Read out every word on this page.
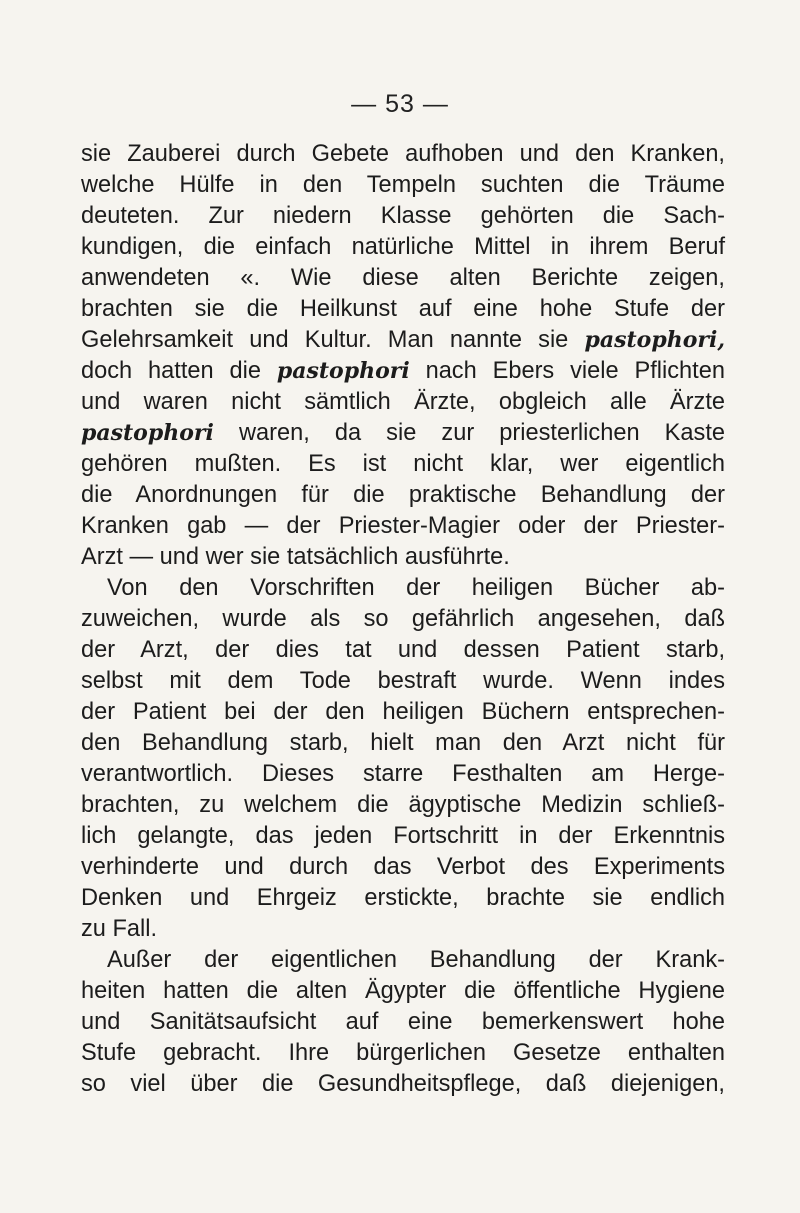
— 53 —
sie Zauberei durch Gebete aufhoben und den Kranken,
welche Hülfe in den Tempeln suchten die Träume
deuteten. Zur niedern Klasse gehörten die Sach-
kundigen, die einfach natürliche Mittel in ihrem Beruf
anwendeten «. Wie diese alten Berichte zeigen,
brachten sie die Heilkunst auf eine hohe Stufe der
Gelehrsamkeit und Kultur. Man nannte sie pastophori,
doch hatten die pastophori nach Ebers viele Pflichten
und waren nicht sämtlich Ärzte, obgleich alle Ärzte
pastophori waren, da sie zur priesterlichen Kaste
gehören mußten. Es ist nicht klar, wer eigentlich
die Anordnungen für die praktische Behandlung der
Kranken gab — der Priester-Magier oder der Priester-
Arzt — und wer sie tatsächlich ausführte.
Von den Vorschriften der heiligen Bücher ab-
zuweichen, wurde als so gefährlich angesehen, daß
der Arzt, der dies tat und dessen Patient starb,
selbst mit dem Tode bestraft wurde. Wenn indes
der Patient bei der den heiligen Büchern entsprechen-
den Behandlung starb, hielt man den Arzt nicht für
verantwortlich. Dieses starre Festhalten am Herge-
brachten, zu welchem die ägyptische Medizin schließ-
lich gelangte, das jeden Fortschritt in der Erkenntnis
verhinderte und durch das Verbot des Experiments
Denken und Ehrgeiz erstickte, brachte sie endlich
zu Fall.
Außer der eigentlichen Behandlung der Krank-
heiten hatten die alten Ägypter die öffentliche Hygiene
und Sanitätsaufsicht auf eine bemerkenswert hohe
Stufe gebracht. Ihre bürgerlichen Gesetze enthalten
so viel über die Gesundheitspflege, daß diejenigen,
